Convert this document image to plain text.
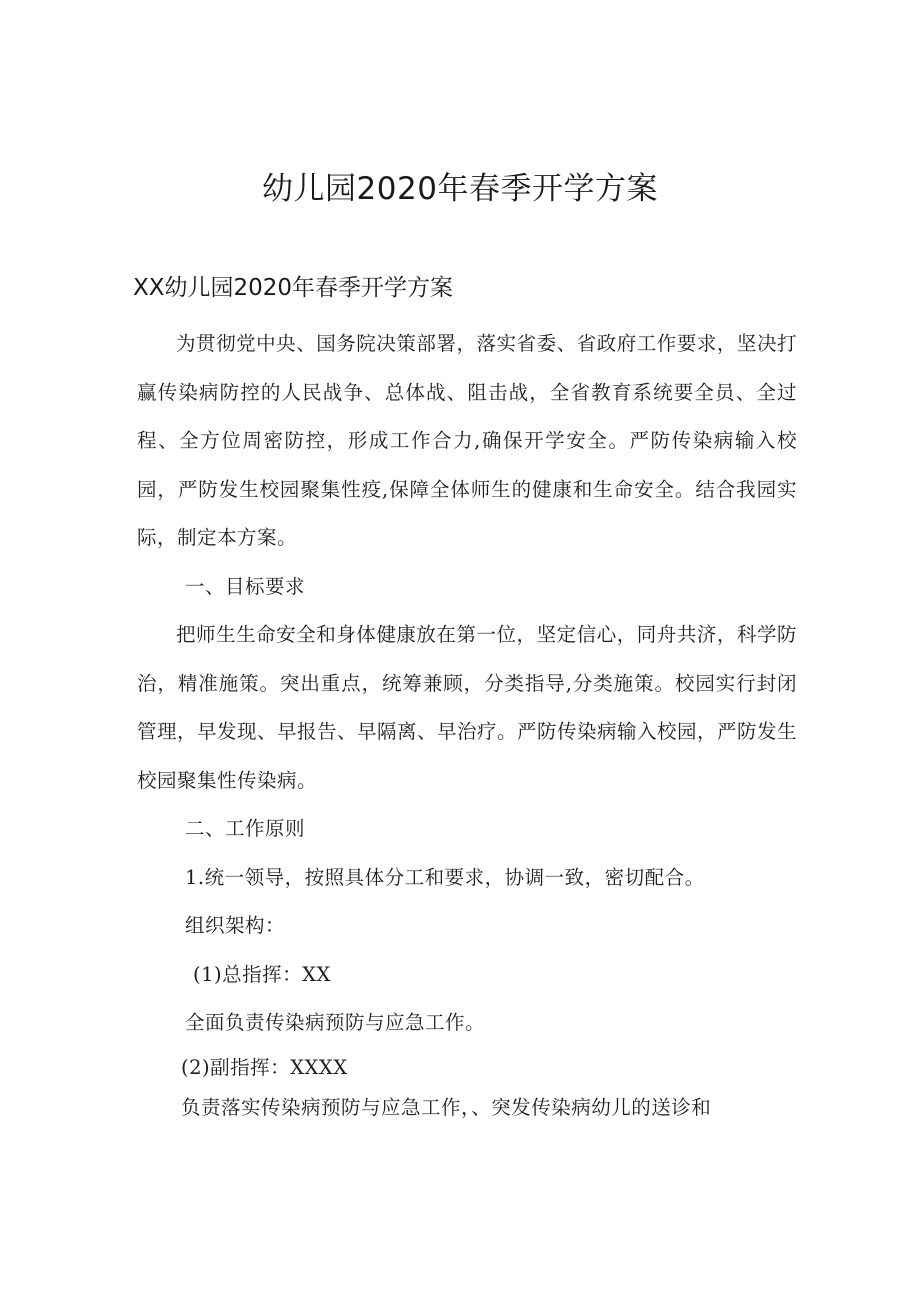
幼儿园2020年春季开学方案
XX幼儿园2020年春季开学方案

为贯彻党中央、国务院决策部署，落实省委、省政府工作要求，坚决打赢传染病防控的人民战争、总体战、阻击战，全省教育系统要全员、全过程、全方位周密防控，形成工作合力,确保开学安全。严防传染病输入校园，严防发生校园聚集性疫,保障全体师生的健康和生命安全。结合我园实际，制定本方案。

一、目标要求

把师生生命安全和身体健康放在第一位，坚定信心，同舟共济，科学防治，精准施策。突出重点，统筹兼顾，分类指导,分类施策。校园实行封闭管理，早发现、早报告、早隔离、早治疗。严防传染病输入校园，严防发生校园聚集性传染病。

二、工作原则

1.统一领导，按照具体分工和要求，协调一致，密切配合。

组织架构：

(1)总指挥：XX

全面负责传染病预防与应急工作。

(2)副指挥：XXXX

负责落实传染病预防与应急工作，、突发传染病幼儿的送诊和
